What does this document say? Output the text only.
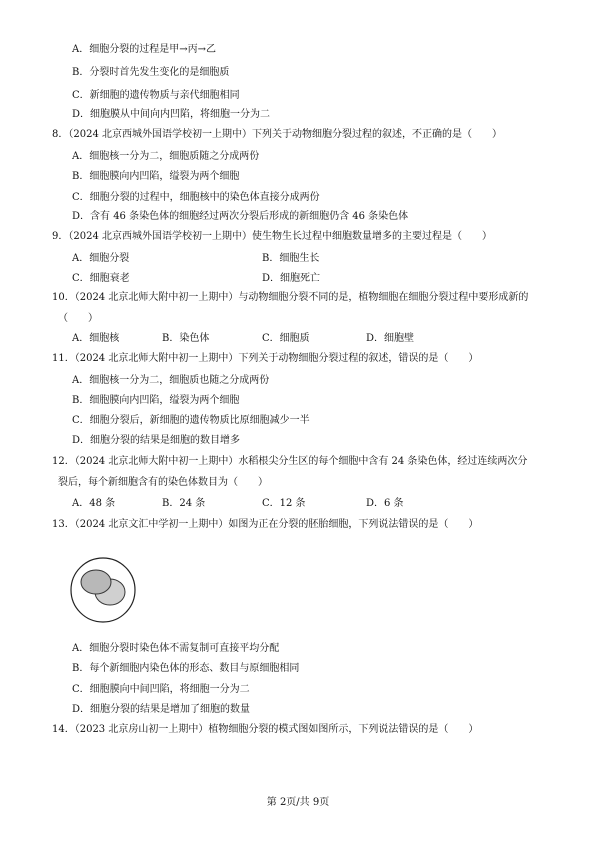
A．细胞分裂的过程是甲→丙→乙
B．分裂时首先发生变化的是细胞质
C．新细胞的遗传物质与亲代细胞相同
D．细胞膜从中间向内凹陷，将细胞一分为二
8．（2024 北京西城外国语学校初一上期中）下列关于动物细胞分裂过程的叙述，不正确的是（　　）
A．细胞核一分为二，细胞质随之分成两份
B．细胞膜向内凹陷，缢裂为两个细胞
C．细胞分裂的过程中，细胞核中的染色体直接分成两份
D．含有 46 条染色体的细胞经过两次分裂后形成的新细胞仍含 46 条染色体
9．（2024 北京西城外国语学校初一上期中）使生物生长过程中细胞数量增多的主要过程是（　　）
A．细胞分裂	B．细胞生长
C．细胞衰老	D．细胞死亡
10．（2024 北京北师大附中初一上期中）与动物细胞分裂不同的是，植物细胞在细胞分裂过程中要形成新的
（　　）
A．细胞核	B．染色体	C．细胞质	D．细胞壁
11．（2024 北京北师大附中初一上期中）下列关于动物细胞分裂过程的叙述，错误的是（　　）
A．细胞核一分为二，细胞质也随之分成两份
B．细胞膜向内凹陷，缢裂为两个细胞
C．细胞分裂后，新细胞的遗传物质比原细胞减少一半
D．细胞分裂的结果是细胞的数目增多
12．（2024 北京北师大附中初一上期中）水稻根尖分生区的每个细胞中含有 24 条染色体，经过连续两次分
裂后，每个新细胞含有的染色体数目为（　　）
A．48 条	B．24 条	C．12 条	D．6 条
13．（2024 北京文汇中学初一上期中）如图为正在分裂的胚胎细胞，下列说法错误的是（　　）
A．细胞分裂时染色体不需复制可直接平均分配
B．每个新细胞内染色体的形态、数目与原细胞相同
C．细胞膜向中间凹陷，将细胞一分为二
D．细胞分裂的结果是增加了细胞的数量
14．（2023 北京房山初一上期中）植物细胞分裂的模式图如图所示，下列说法错误的是（　　）
第 2页/共 9页
